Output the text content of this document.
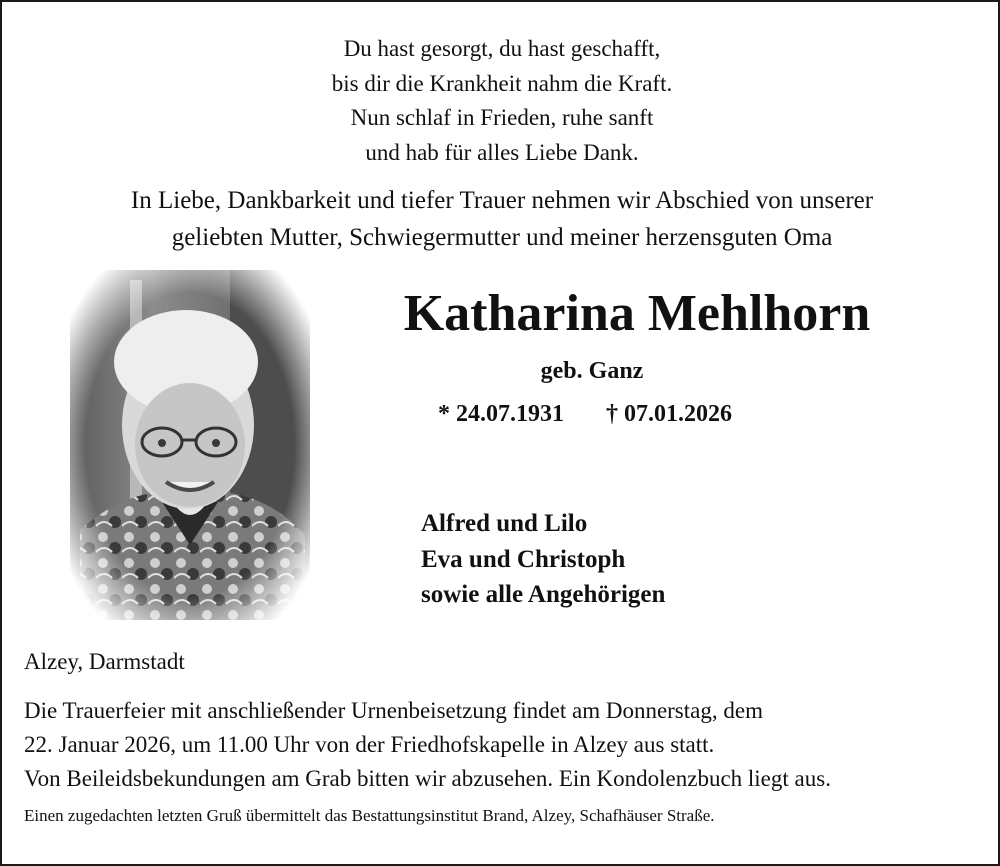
Du hast gesorgt, du hast geschafft,
bis dir die Krankheit nahm die Kraft.
Nun schlaf in Frieden, ruhe sanft
und hab für alles Liebe Dank.
In Liebe, Dankbarkeit und tiefer Trauer nehmen wir Abschied von unserer
geliebten Mutter, Schwiegermutter und meiner herzensguten Oma
Katharina Mehlhorn
geb. Ganz
* 24.07.1931 † 07.01.2026
Alfred und Lilo
Eva und Christoph
sowie alle Angehörigen
Alzey, Darmstadt
Die Trauerfeier mit anschließender Urnenbeisetzung findet am Donnerstag, dem
22. Januar 2026, um 11.00 Uhr von der Friedhofskapelle in Alzey aus statt.
Von Beileidsbekundungen am Grab bitten wir abzusehen. Ein Kondolenzbuch liegt aus.
Einen zugedachten letzten Gruß übermittelt das Bestattungsinstitut Brand, Alzey, Schafhäuser Straße.
